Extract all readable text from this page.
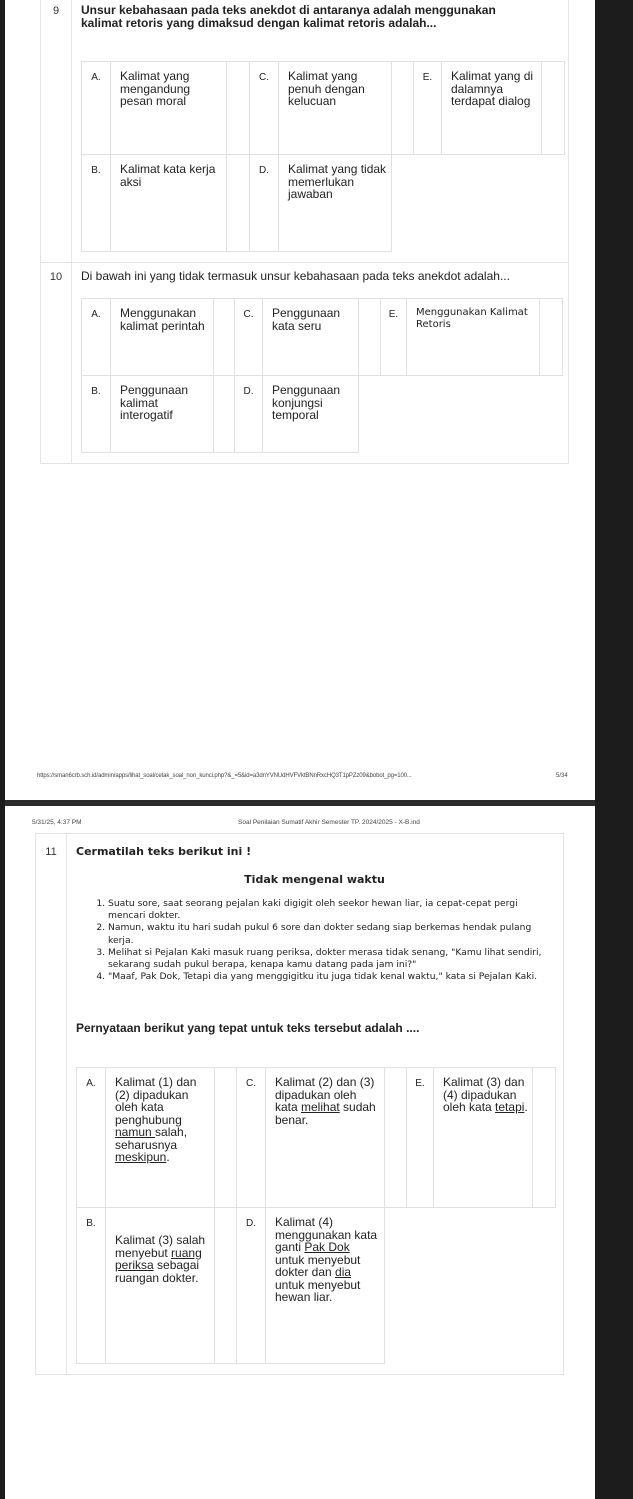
9	Unsur kebahasaan pada teks anekdot di antaranya adalah menggunakan kalimat retoris yang dimaksud dengan kalimat retoris adalah...
A.	Kalimat yang mengandung pesan moral		C.	Kalimat yang penuh dengan kelucuan		E.	Kalimat yang di dalamnya terdapat dialog	
B.	Kalimat kata kerja aksi		D.	Kalimat yang tidak memerlukan jawaban				
10	Di bawah ini yang tidak termasuk unsur kebahasaan pada teks anekdot adalah...
A.	Menggunakan kalimat perintah		C.	Penggunaan kata seru		E.	Menggunakan Kalimat Retoris	
B.	Penggunaan kalimat interogatif		D.	Penggunaan konjungsi temporal				
https://sman6crb.sch.id/admin/apps/lihat_soal/cetak_soal_non_kunci.php?&_=5&id=a3dnYVNUdHVFVktBNnRxcHQ3T1pPZz09&bobot_pg=100...	5/34
5/31/25, 4:37 PM	Soal Penilaian Sumatif Akhir Semester TP. 2024/2025 - X-B.ind
11	Cermatilah teks berikut ini !
Tidak mengenal waktu
1. Suatu sore, saat seorang pejalan kaki digigit oleh seekor hewan liar, ia cepat-cepat pergi mencari dokter.
2. Namun, waktu itu hari sudah pukul 6 sore dan dokter sedang siap berkemas hendak pulang kerja.
3. Melihat si Pejalan Kaki masuk ruang periksa, dokter merasa tidak senang, "Kamu lihat sendiri, sekarang sudah pukul berapa, kenapa kamu datang pada jam ini?"
4. "Maaf, Pak Dok, Tetapi dia yang menggigitku itu juga tidak kenal waktu," kata si Pejalan Kaki.
Pernyataan berikut yang tepat untuk teks tersebut adalah ....
A.	Kalimat (1) dan (2) dipadukan oleh kata penghubung namun salah, seharusnya meskipun.		C.	Kalimat (2) dan (3) dipadukan oleh kata melihat sudah benar.		E.	Kalimat (3) dan (4) dipadukan oleh kata tetapi.	
B.	Kalimat (3) salah menyebut ruang periksa sebagai ruangan dokter.		D.	Kalimat (4) menggunakan kata ganti Pak Dok untuk menyebut dokter dan dia untuk menyebut hewan liar.				
